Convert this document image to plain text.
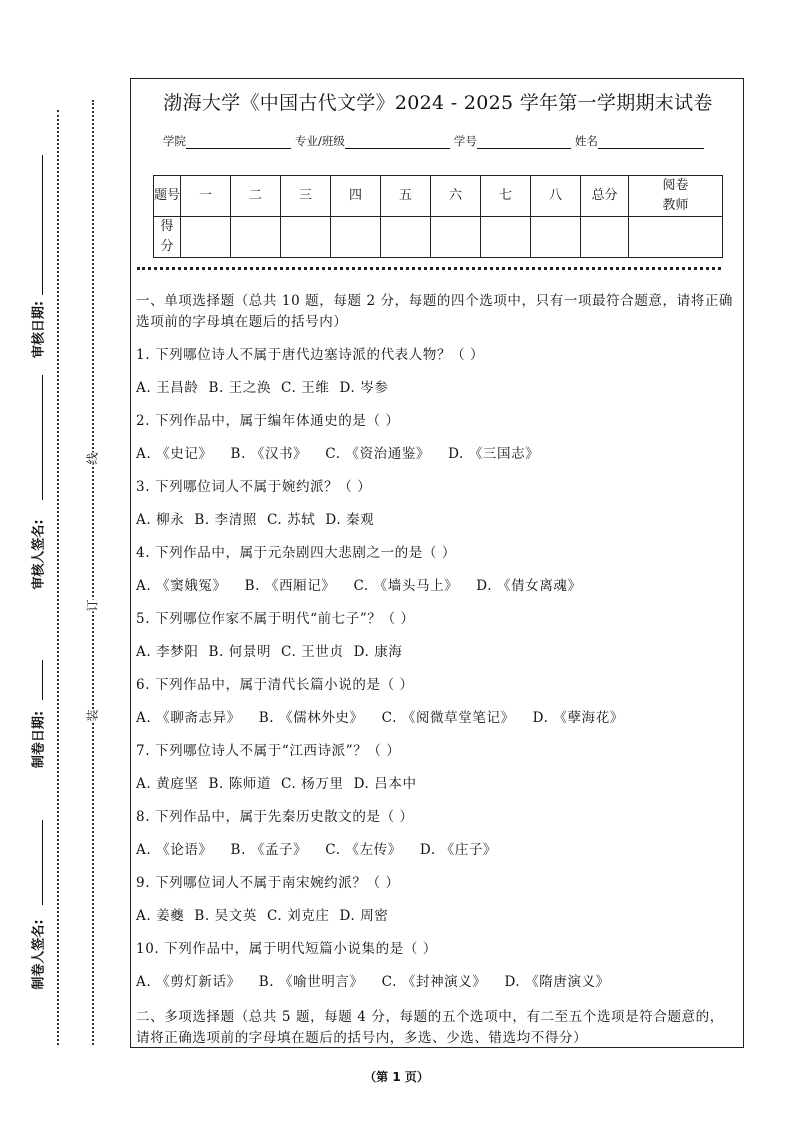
审核日期:
审核人签名:
制卷日期:
制卷人签名:
线
订
装
渤海大学《中国古代文学》2024 - 2025 学年第一学期期末试卷
学院	专业/班级	学号	姓名
题号	一	二	三	四	五	六	七	八	总分	阅卷教师
得分										
一、单项选择题（总共 10 题，每题 2 分，每题的四个选项中，只有一项最符合题意，请将正确选项前的字母填在题后的括号内）
1. 下列哪位诗人不属于唐代边塞诗派的代表人物？（ ）
A. 王昌龄 B. 王之涣 C. 王维 D. 岑参
2. 下列作品中，属于编年体通史的是（ ）
A. 《史记》 B. 《汉书》 C. 《资治通鉴》 D. 《三国志》
3. 下列哪位词人不属于婉约派？（ ）
A. 柳永 B. 李清照 C. 苏轼 D. 秦观
4. 下列作品中，属于元杂剧四大悲剧之一的是（ ）
A. 《窦娥冤》 B. 《西厢记》 C. 《墙头马上》 D. 《倩女离魂》
5. 下列哪位作家不属于明代“前七子”？（ ）
A. 李梦阳 B. 何景明 C. 王世贞 D. 康海
6. 下列作品中，属于清代长篇小说的是（ ）
A. 《聊斋志异》 B. 《儒林外史》 C. 《阅微草堂笔记》 D. 《孽海花》
7. 下列哪位诗人不属于“江西诗派”？（ ）
A. 黄庭坚 B. 陈师道 C. 杨万里 D. 吕本中
8. 下列作品中，属于先秦历史散文的是（ ）
A. 《论语》 B. 《孟子》 C. 《左传》 D. 《庄子》
9. 下列哪位词人不属于南宋婉约派？（ ）
A. 姜夔 B. 吴文英 C. 刘克庄 D. 周密
10. 下列作品中，属于明代短篇小说集的是（ ）
A. 《剪灯新话》 B. 《喻世明言》 C. 《封神演义》 D. 《隋唐演义》
二、多项选择题（总共 5 题，每题 4 分，每题的五个选项中，有二至五个选项是符合题意的，请将正确选项前的字母填在题后的括号内，多选、少选、错选均不得分）
（第 1 页）
